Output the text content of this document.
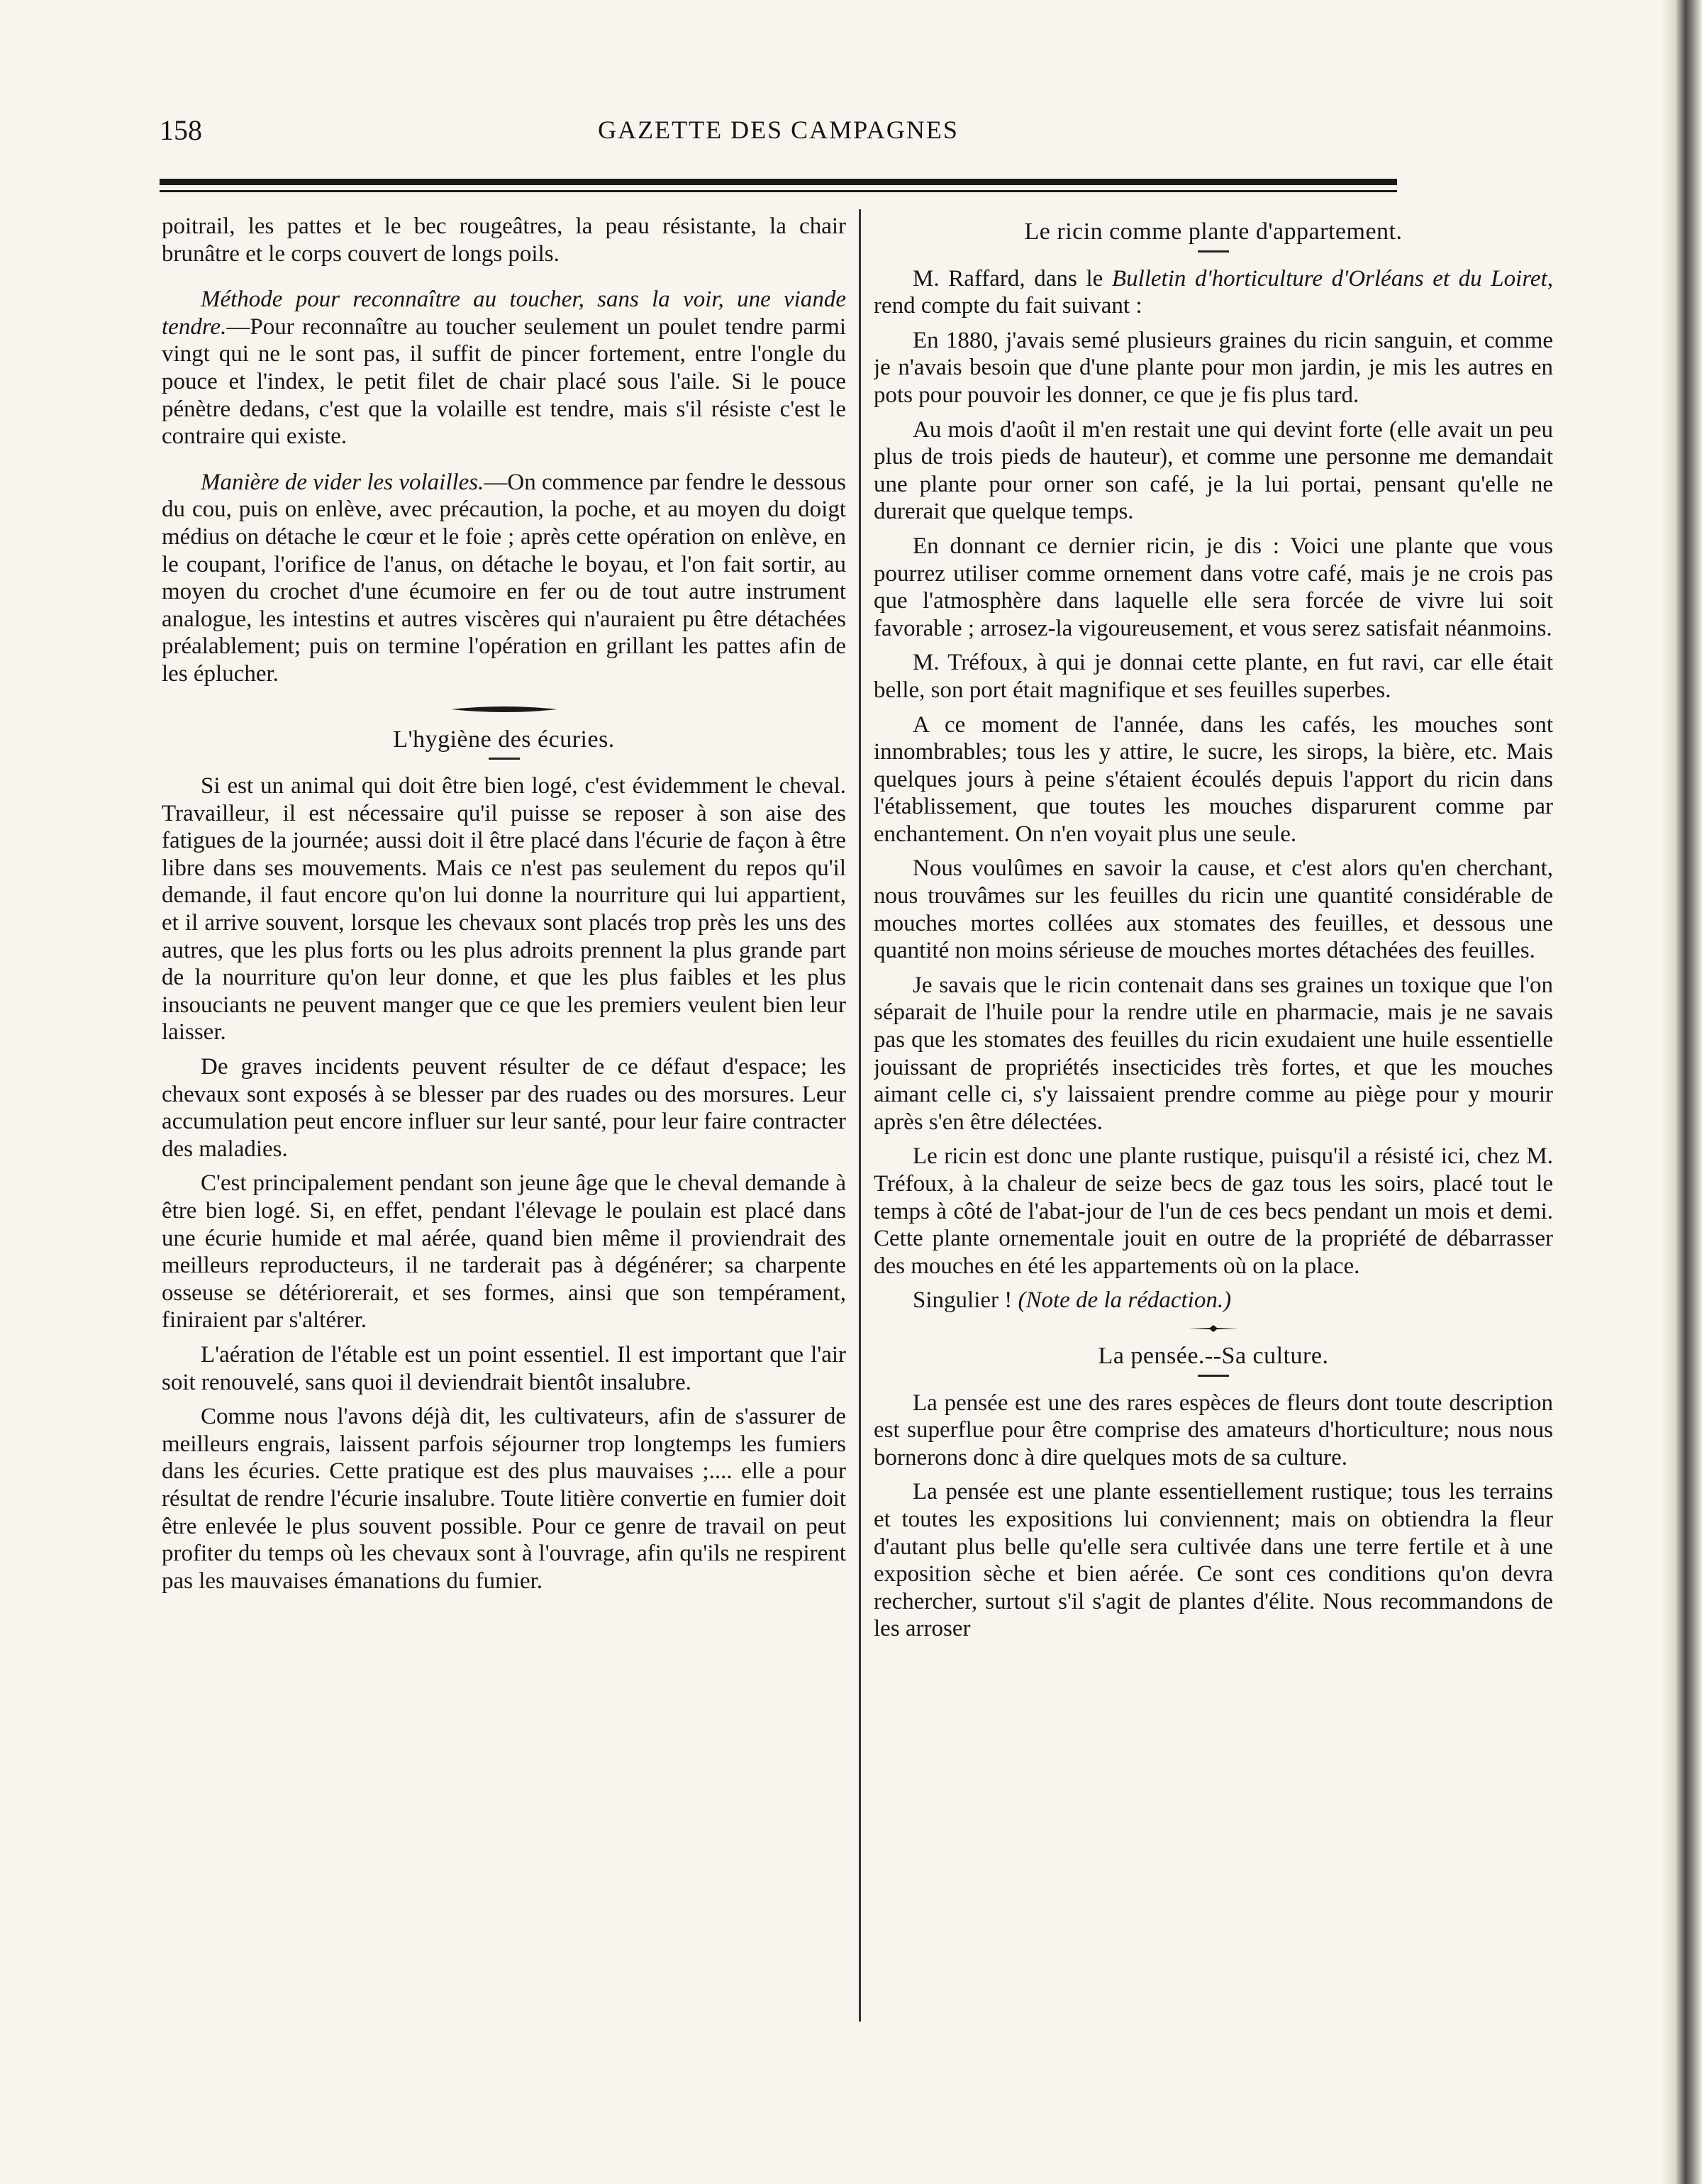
158	GAZETTE DES CAMPAGNES

poitrail, les pattes et le bec rougeâtres, la peau résistante, la chair brunâtre et le corps couvert de longs poils.

Méthode pour reconnaître au toucher, sans la voir, une viande tendre.—Pour reconnaître au toucher seulement un poulet tendre parmi vingt qui ne le sont pas, il suffit de pincer fortement, entre l'ongle du pouce et l'index, le petit filet de chair placé sous l'aile. Si le pouce pénètre dedans, c'est que la volaille est tendre, mais s'il résiste c'est le contraire qui existe.

Manière de vider les volailles.—On commence par fendre le dessous du cou, puis on enlève, avec précaution, la poche, et au moyen du doigt médius on détache le cœur et le foie ; après cette opération on enlève, en le coupant, l'orifice de l'anus, on détache le boyau, et l'on fait sortir, au moyen du crochet d'une écumoire en fer ou de tout autre instrument analogue, les intestins et autres viscères qui n'auraient pu être détachées préalablement; puis on termine l'opération en grillant les pattes afin de les éplucher.

L'hygiène des écuries.

Si est un animal qui doit être bien logé, c'est évidemment le cheval. Travailleur, il est nécessaire qu'il puisse se reposer à son aise des fatigues de la journée; aussi doit il être placé dans l'écurie de façon à être libre dans ses mouvements. Mais ce n'est pas seulement du repos qu'il demande, il faut encore qu'on lui donne la nourriture qui lui appartient, et il arrive souvent, lorsque les chevaux sont placés trop près les uns des autres, que les plus forts ou les plus adroits prennent la plus grande part de la nourriture qu'on leur donne, et que les plus faibles et les plus insouciants ne peuvent manger que ce que les premiers veulent bien leur laisser.

De graves incidents peuvent résulter de ce défaut d'espace; les chevaux sont exposés à se blesser par des ruades ou des morsures. Leur accumulation peut encore influer sur leur santé, pour leur faire contracter des maladies.

C'est principalement pendant son jeune âge que le cheval demande à être bien logé. Si, en effet, pendant l'élevage le poulain est placé dans une écurie humide et mal aérée, quand bien même il proviendrait des meilleurs reproducteurs, il ne tarderait pas à dégénérer; sa charpente osseuse se détériorerait, et ses formes, ainsi que son tempérament, finiraient par s'altérer.

L'aération de l'étable est un point essentiel. Il est important que l'air soit renouvelé, sans quoi il deviendrait bientôt insalubre.

Comme nous l'avons déjà dit, les cultivateurs, afin de s'assurer de meilleurs engrais, laissent parfois séjourner trop longtemps les fumiers dans les écuries. Cette pratique est des plus mauvaises ;.... elle a pour résultat de rendre l'écurie insalubre. Toute litière convertie en fumier doit être enlevée le plus souvent possible. Pour ce genre de travail on peut profiter du temps où les chevaux sont à l'ouvrage, afin qu'ils ne respirent pas les mauvaises émanations du fumier.

Le ricin comme plante d'appartement.

M. Raffard, dans le Bulletin d'horticulture d'Orléans et du Loiret, rend compte du fait suivant :

En 1880, j'avais semé plusieurs graines du ricin sanguin, et comme je n'avais besoin que d'une plante pour mon jardin, je mis les autres en pots pour pouvoir les donner, ce que je fis plus tard.

Au mois d'août il m'en restait une qui devint forte (elle avait un peu plus de trois pieds de hauteur), et comme une personne me demandait une plante pour orner son café, je la lui portai, pensant qu'elle ne durerait que quelque temps.

En donnant ce dernier ricin, je dis : Voici une plante que vous pourrez utiliser comme ornement dans votre café, mais je ne crois pas que l'atmosphère dans laquelle elle sera forcée de vivre lui soit favorable ; arrosez-la vigoureusement, et vous serez satisfait néanmoins.

M. Tréfoux, à qui je donnai cette plante, en fut ravi, car elle était belle, son port était magnifique et ses feuilles superbes.

A ce moment de l'année, dans les cafés, les mouches sont innombrables; tous les y attire, le sucre, les sirops, la bière, etc. Mais quelques jours à peine s'étaient écoulés depuis l'apport du ricin dans l'établissement, que toutes les mouches disparurent comme par enchantement. On n'en voyait plus une seule.

Nous voulûmes en savoir la cause, et c'est alors qu'en cherchant, nous trouvâmes sur les feuilles du ricin une quantité considérable de mouches mortes collées aux stomates des feuilles, et dessous une quantité non moins sérieuse de mouches mortes détachées des feuilles.

Je savais que le ricin contenait dans ses graines un toxique que l'on séparait de l'huile pour la rendre utile en pharmacie, mais je ne savais pas que les stomates des feuilles du ricin exudaient une huile essentielle jouissant de propriétés insecticides très fortes, et que les mouches aimant celle ci, s'y laissaient prendre comme au piège pour y mourir après s'en être délectées.

Le ricin est donc une plante rustique, puisqu'il a résisté ici, chez M. Tréfoux, à la chaleur de seize becs de gaz tous les soirs, placé tout le temps à côté de l'abat-jour de l'un de ces becs pendant un mois et demi. Cette plante ornementale jouit en outre de la propriété de débarrasser des mouches en été les appartements où on la place.

Singulier ! (Note de la rédaction.)

La pensée.--Sa culture.

La pensée est une des rares espèces de fleurs dont toute description est superflue pour être comprise des amateurs d'horticulture; nous nous bornerons donc à dire quelques mots de sa culture.

La pensée est une plante essentiellement rustique; tous les terrains et toutes les expositions lui conviennent; mais on obtiendra la fleur d'autant plus belle qu'elle sera cultivée dans une terre fertile et à une exposition sèche et bien aérée. Ce sont ces conditions qu'on devra rechercher, surtout s'il s'agit de plantes d'élite. Nous recommandons de les arroser
